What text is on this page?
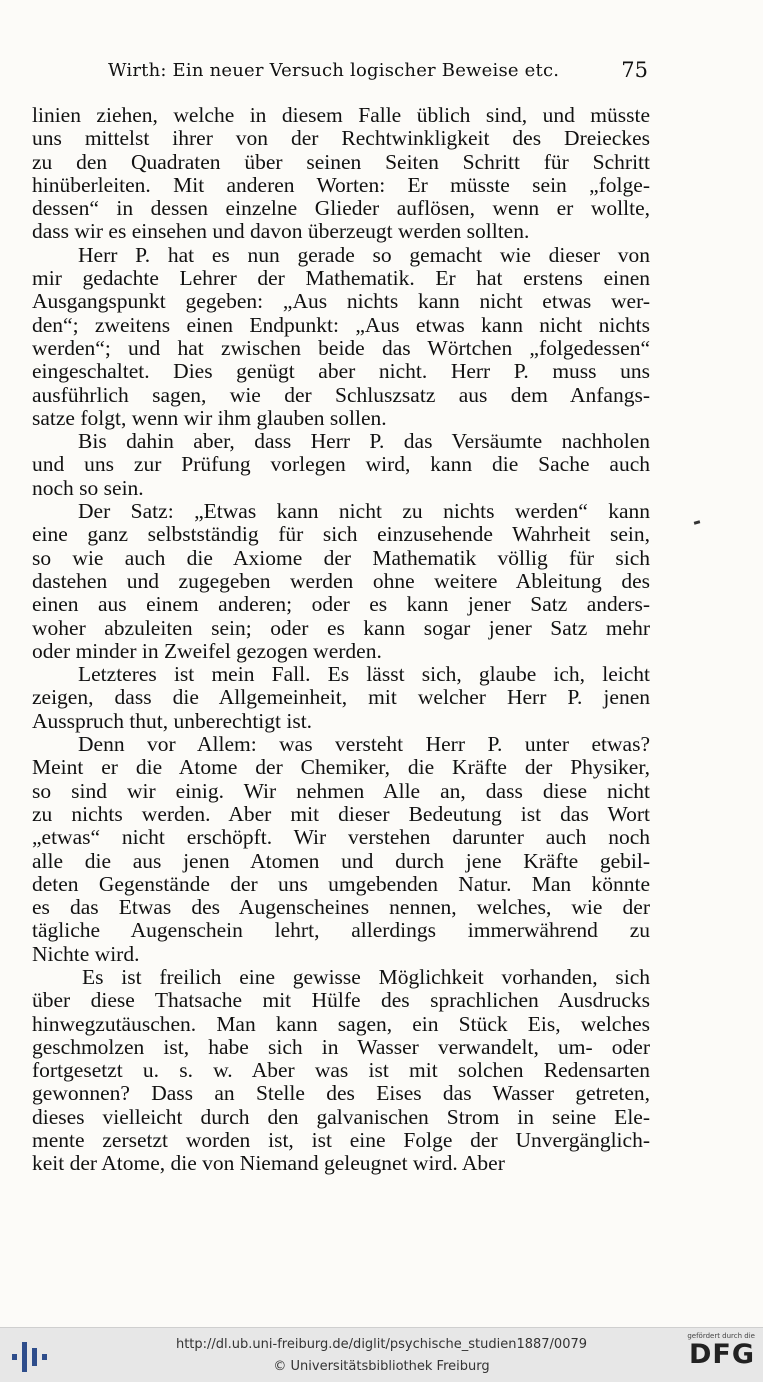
Wirth: Ein neuer Versuch logischer Beweise etc.	75
linien ziehen, welche in diesem Falle üblich sind, und müsste
uns mittelst ihrer von der Rechtwinkligkeit des Dreieckes
zu den Quadraten über seinen Seiten Schritt für Schritt
hinüberleiten. Mit anderen Worten: Er müsste sein „folge-
dessen“ in dessen einzelne Glieder auflösen, wenn er wollte,
dass wir es einsehen und davon überzeugt werden sollten.
Herr P. hat es nun gerade so gemacht wie dieser von
mir gedachte Lehrer der Mathematik. Er hat erstens einen
Ausgangspunkt gegeben: „Aus nichts kann nicht etwas wer-
den“; zweitens einen Endpunkt: „Aus etwas kann nicht nichts
werden“; und hat zwischen beide das Wörtchen „folgedessen“
eingeschaltet. Dies genügt aber nicht. Herr P. muss uns
ausführlich sagen, wie der Schluszsatz aus dem Anfangs-
satze folgt, wenn wir ihm glauben sollen.
Bis dahin aber, dass Herr P. das Versäumte nachholen
und uns zur Prüfung vorlegen wird, kann die Sache auch
noch so sein.
Der Satz: „Etwas kann nicht zu nichts werden“ kann
eine ganz selbstständig für sich einzusehende Wahrheit sein,
so wie auch die Axiome der Mathematik völlig für sich
dastehen und zugegeben werden ohne weitere Ableitung des
einen aus einem anderen; oder es kann jener Satz anders-
woher abzuleiten sein; oder es kann sogar jener Satz mehr
oder minder in Zweifel gezogen werden.
Letzteres ist mein Fall. Es lässt sich, glaube ich, leicht
zeigen, dass die Allgemeinheit, mit welcher Herr P. jenen
Ausspruch thut, unberechtigt ist.
Denn vor Allem: was versteht Herr P. unter etwas?
Meint er die Atome der Chemiker, die Kräfte der Physiker,
so sind wir einig. Wir nehmen Alle an, dass diese nicht
zu nichts werden. Aber mit dieser Bedeutung ist das Wort
„etwas“ nicht erschöpft. Wir verstehen darunter auch noch
alle die aus jenen Atomen und durch jene Kräfte gebil-
deten Gegenstände der uns umgebenden Natur. Man könnte
es das Etwas des Augenscheines nennen, welches, wie der
tägliche Augenschein lehrt, allerdings immerwährend zu
Nichte wird.
Es ist freilich eine gewisse Möglichkeit vorhanden, sich
über diese Thatsache mit Hülfe des sprachlichen Ausdrucks
hinwegzutäuschen. Man kann sagen, ein Stück Eis, welches
geschmolzen ist, habe sich in Wasser verwandelt, um- oder
fortgesetzt u. s. w. Aber was ist mit solchen Redensarten
gewonnen? Dass an Stelle des Eises das Wasser getreten,
dieses vielleicht durch den galvanischen Strom in seine Ele-
mente zersetzt worden ist, ist eine Folge der Unvergänglich-
keit der Atome, die von Niemand geleugnet wird. Aber
http://dl.ub.uni-freiburg.de/diglit/psychische_studien1887/0079
© Universitätsbibliothek Freiburg
gefördert durch die
DFG
